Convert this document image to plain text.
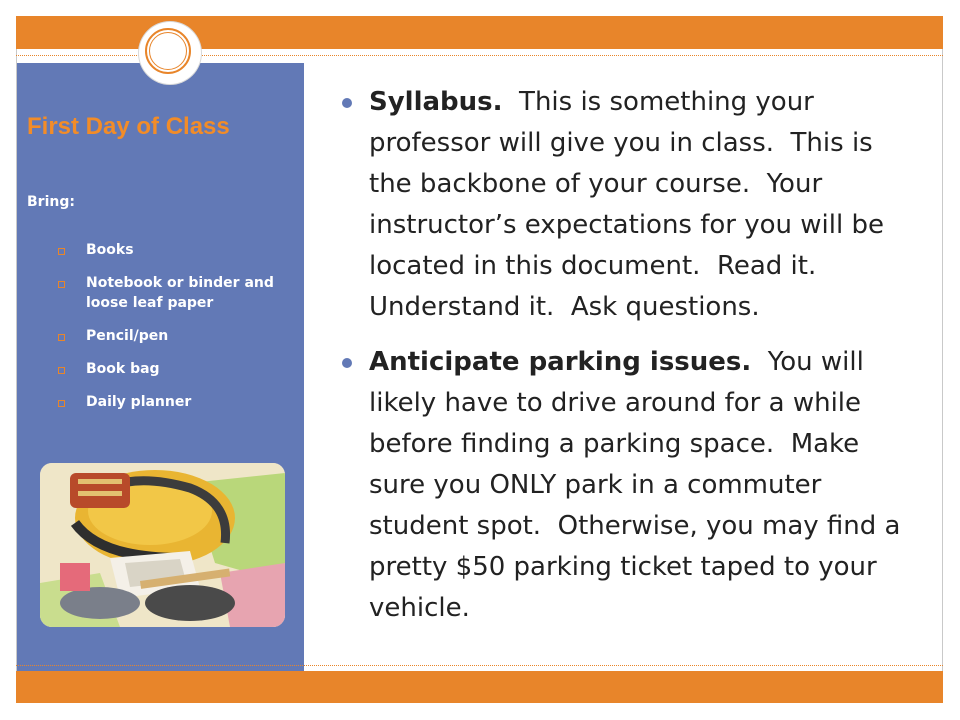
First Day of Class
Bring:
Books
Notebook or binder and loose leaf paper
Pencil/pen
Book bag
Daily planner
Syllabus.  This is something your professor will give you in class.  This is the backbone of your course.  Your instructor’s expectations for you will be located in this document.  Read it.  Understand it.  Ask questions.
Anticipate parking issues.  You will likely have to drive around for a while before finding a parking space.  Make sure you ONLY park in a commuter student spot.  Otherwise, you may find a pretty $50 parking ticket taped to your vehicle.
